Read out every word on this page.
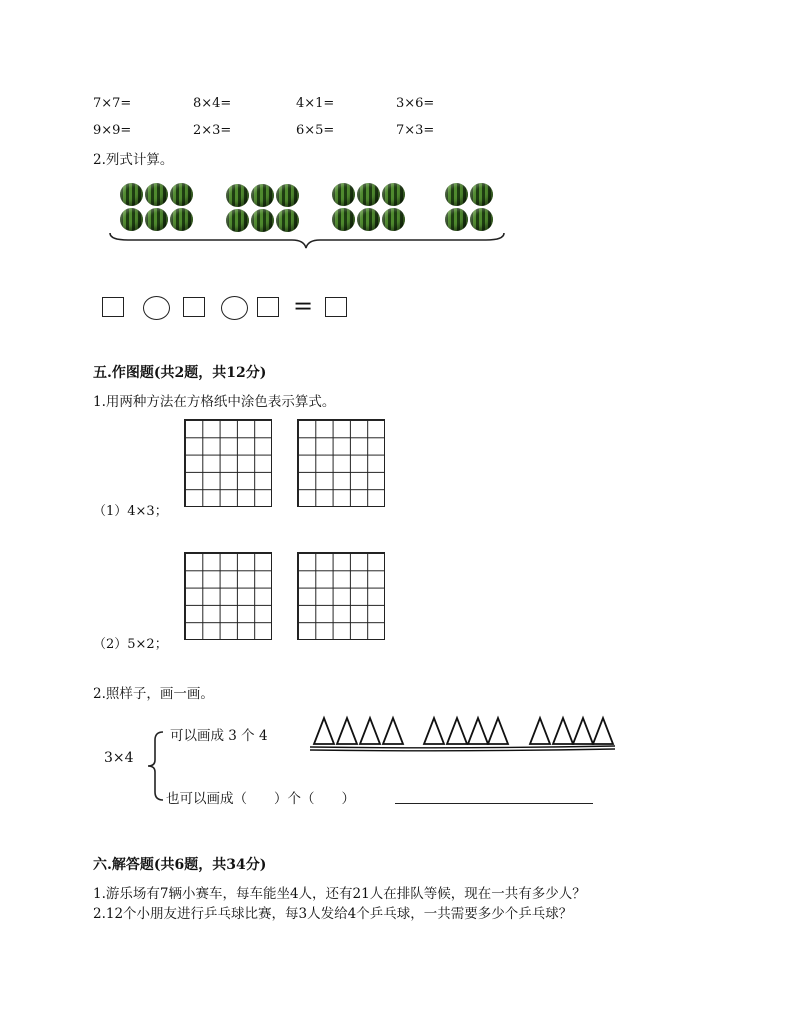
7×7=	8×4=	4×1=	3×6=
9×9=	2×3=	6×5=	7×3=
2.列式计算。
=
五.作图题(共2题，共12分)
1.用两种方法在方格纸中涂色表示算式。
（1）4×3；
（2）5×2；
2.照样子，画一画。
3×4
可以画成 3 个 4
也可以画成（　　）个（　　）
六.解答题(共6题，共34分)
1.游乐场有7辆小赛车，每车能坐4人，还有21人在排队等候，现在一共有多少人？
2.12个小朋友进行乒乓球比赛，每3人发给4个乒乓球，一共需要多少个乒乓球？
